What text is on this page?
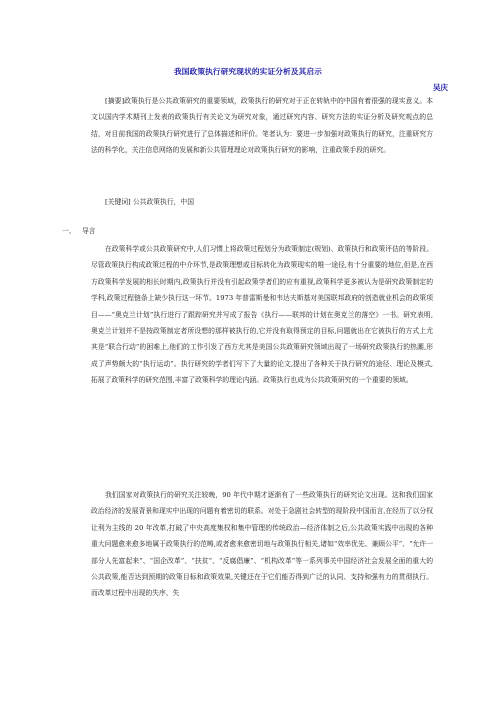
我国政策执行研究现状的实证分析及其启示
吴庆

[摘要]政策执行是公共政策研究的重要领域，政策执行的研究对于正在转轨中的中国有着很强的现实意义。本文以国内学术期刊上发表的政策执行有关论文为研究对象，通过研究内容、研究方法的实证分析及研究观点的总结，对目前我国的政策执行研究进行了总体描述和评价。笔者认为：要进一步加强对政策执行的研究，注重研究方法的科学化，关注信息网络的发展和新公共管理理论对政策执行研究的影响，注重政策手段的研究。

[关键词] 公共政策执行，中国

一、 导言

在政策科学或公共政策研究中,人们习惯上将政策过程划分为政策制定(规划)、政策执行和政策评估的等阶段。尽管政策执行构成政策过程的中介环节,是政策理想或目标转化为政策现实的唯一途径,有十分重要的地位,但是,在西方政策科学发展的相长时期内,政策执行并没有引起政策学者们的应有重视,政策科学更多被认为是研究政策制定的学科,政策过程链条上缺少执行这一环节。1973 年普雷斯曼和韦达夫斯基对美国联邦政府的创造就业机会的政策项目——“奥克兰计划”执行进行了跟踪研究并写成了报告《执行——联邦的计划在奥克兰的落空》一书。研究表明,奥克兰计划并不是按政策制定者所设想的那样被执行的,它并没有取得预定的目标,问题就出在它被执行的方式上尤其是“联合行动”的困难上,他们的工作引发了西方尤其是美国公共政策研究领域出现了一场研究政策执行的热潮,形成了声势颇大的“执行运动”。执行研究的学者们写下了大量的论文,提出了各种关于执行研究的途径、理论及模式,拓展了政策科学的研究范围,丰富了政策科学的理论内涵。政策执行也成为公共政策研究的一个重要的领域。

我们国家对政策执行的研究关注较晚，90 年代中期才逐渐有了一些政策执行的研究论文出现。这和我们国家政治经济的发展背景和现实中出现的问题有着密切的联系。对处于急剧社会转型的现阶段中国而言,在经历了以分权让利为主线的 20 年改革,打破了中央高度集权和集中管理的传统政治—经济体制之后,公共政策实践中出现的各种重大问题愈来愈多地属于政策执行的范畴,或者愈来愈密切地与政策执行相关,诸如“效率优先、兼顾公平”、“允许一部分人先富起来”、“国企改革”、“扶贫”、“反腐倡廉”、“机构改革”等一系列事关中国经济社会发展全面的重大的公共政策,能否达到预期的政策目标和政策效果,关键还在于它们能否得到广泛的认同、支持和强有力的贯彻执行。而改革过程中出现的失序、失
